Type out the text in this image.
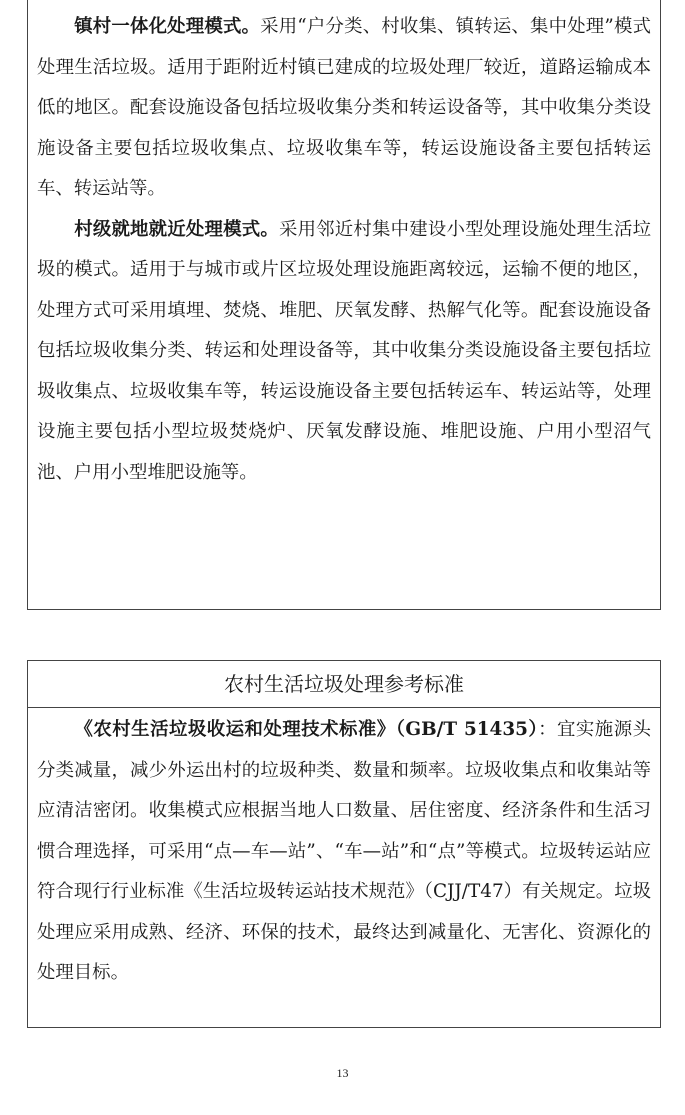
镇村一体化处理模式。采用“户分类、村收集、镇转运、集中处理”模式处理生活垃圾。适用于距附近村镇已建成的垃圾处理厂较近，道路运输成本低的地区。配套设施设备包括垃圾收集分类和转运设备等，其中收集分类设施设备主要包括垃圾收集点、垃圾收集车等，转运设施设备主要包括转运车、转运站等。

村级就地就近处理模式。采用邻近村集中建设小型处理设施处理生活垃圾的模式。适用于与城市或片区垃圾处理设施距离较远，运输不便的地区，处理方式可采用填埋、焚烧、堆肥、厌氧发酵、热解气化等。配套设施设备包括垃圾收集分类、转运和处理设备等，其中收集分类设施设备主要包括垃圾收集点、垃圾收集车等，转运设施设备主要包括转运车、转运站等，处理设施主要包括小型垃圾焚烧炉、厌氧发酵设施、堆肥设施、户用小型沼气池、户用小型堆肥设施等。

农村生活垃圾处理参考标准

《农村生活垃圾收运和处理技术标准》（GB/T 51435）：宜实施源头分类减量，减少外运出村的垃圾种类、数量和频率。垃圾收集点和收集站等应清洁密闭。收集模式应根据当地人口数量、居住密度、经济条件和生活习惯合理选择，可采用“点—车—站”、“车—站”和“点”等模式。垃圾转运站应符合现行行业标准《生活垃圾转运站技术规范》（CJJ/T47）有关规定。垃圾处理应采用成熟、经济、环保的技术，最终达到减量化、无害化、资源化的处理目标。

13
